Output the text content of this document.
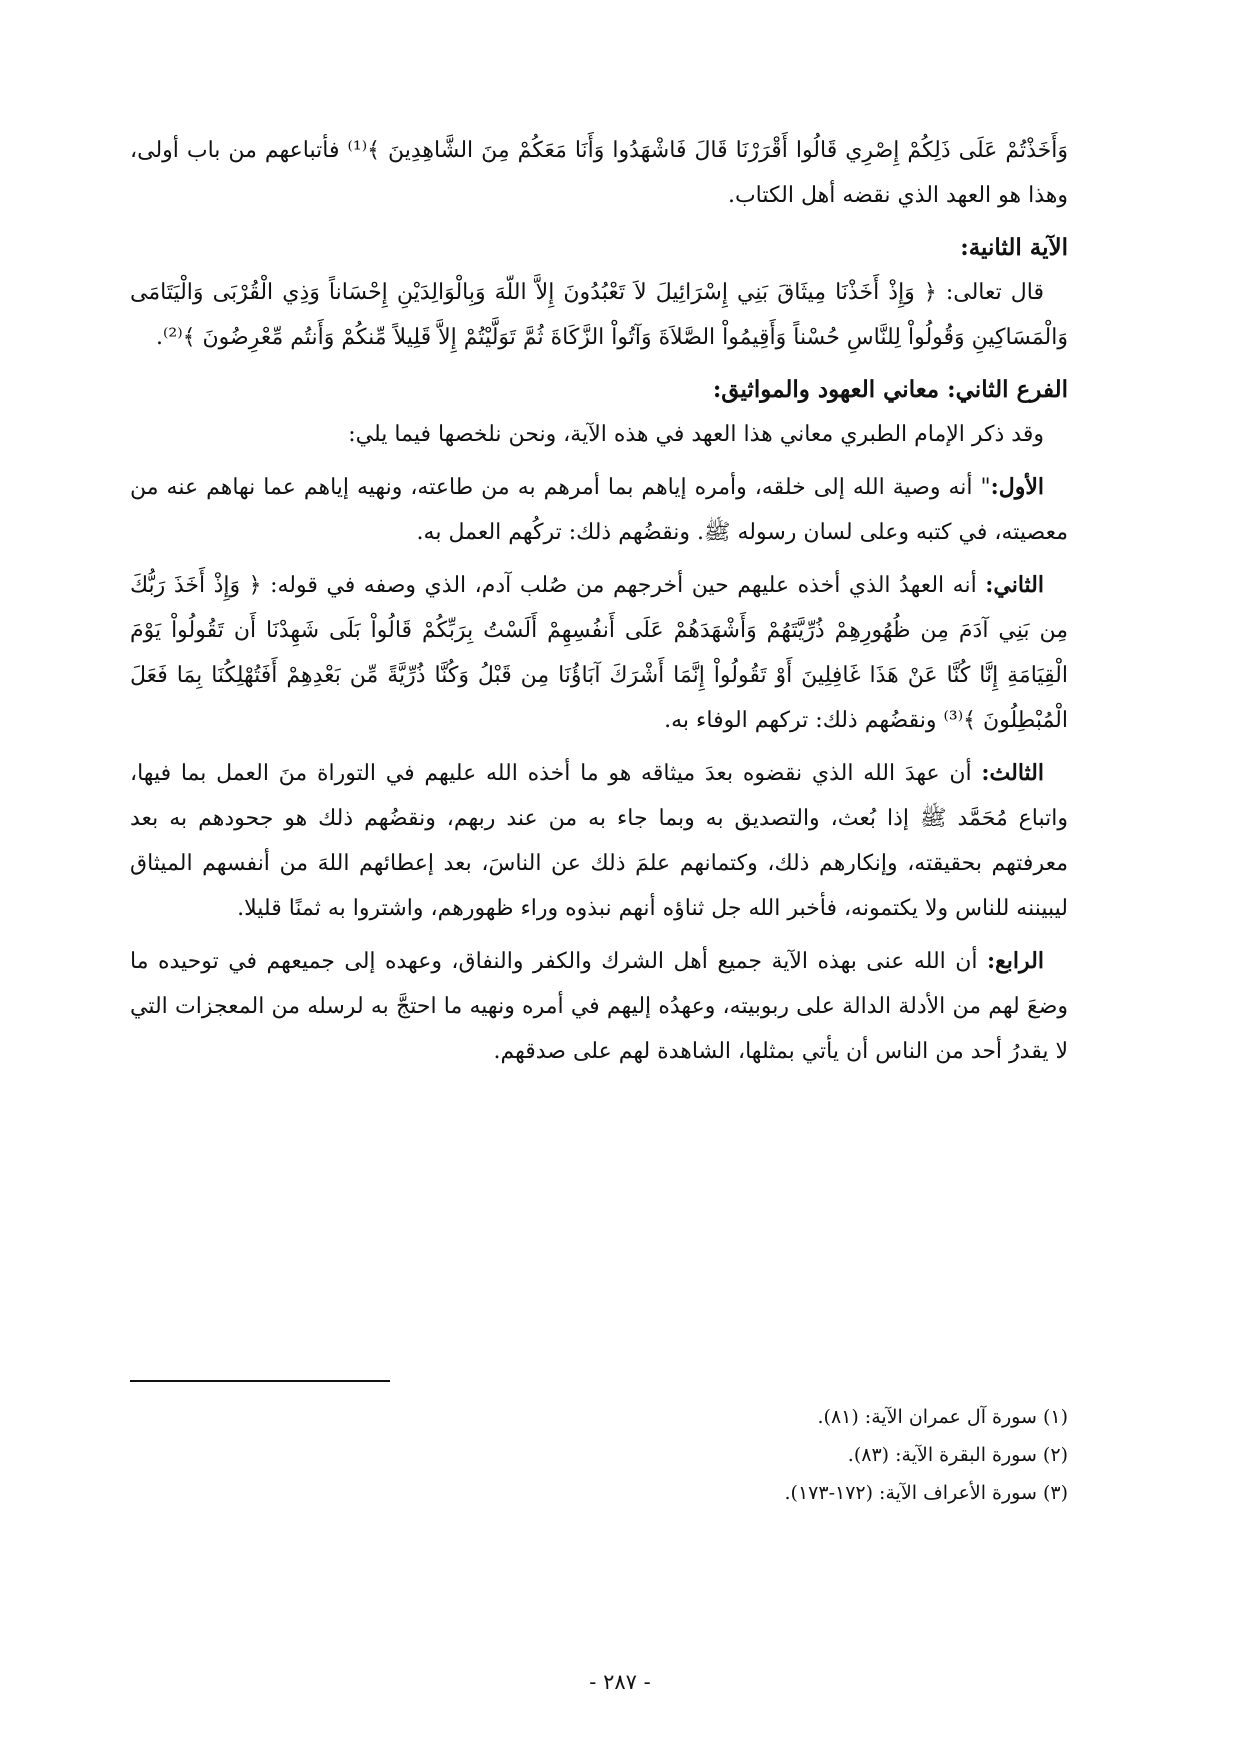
وَأَخَذْتُمْ عَلَى ذَلِكُمْ إِصْرِي قَالُوا أَقْرَرْنَا قَالَ فَاشْهَدُوا وَأَنَا مَعَكُمْ مِنَ الشَّاهِدِينَ ﴾⁽¹⁾ فأتباعهم من باب أولى، وهذا هو العهد الذي نقضه أهل الكتاب.

الآية الثانية:

قال تعالى: ﴿ وَإِذْ أَخَذْنَا مِيثَاقَ بَنِي إِسْرَائِيلَ لاَ تَعْبُدُونَ إِلاَّ اللّهَ وَبِالْوَالِدَيْنِ إِحْسَاناً وَذِي الْقُرْبَى وَالْيَتَامَى وَالْمَسَاكِينِ وَقُولُواْ لِلنَّاسِ حُسْناً وَأَقِيمُواْ الصَّلاَةَ وَآتُواْ الزَّكَاةَ ثُمَّ تَوَلَّيْتُمْ إِلاَّ قَلِيلاً مِّنكُمْ وَأَنتُم مِّعْرِضُونَ ﴾⁽²⁾.

الفرع الثاني: معاني العهود والمواثيق:

وقد ذكر الإمام الطبري معاني هذا العهد في هذه الآية، ونحن نلخصها فيما يلي:

الأول:" أنه وصية الله إلى خلقه، وأمره إياهم بما أمرهم به من طاعته، ونهيه إياهم عما نهاهم عنه من معصيته، في كتبه وعلى لسان رسوله ﷺ. ونقضُهم ذلك: تركُهم العمل به.

الثاني: أنه العهدُ الذي أخذه عليهم حين أخرجهم من صُلب آدم، الذي وصفه في قوله: ﴿ وَإِذْ أَخَذَ رَبُّكَ مِن بَنِي آدَمَ مِن ظُهُورِهِمْ ذُرِّيَّتَهُمْ وَأَشْهَدَهُمْ عَلَى أَنفُسِهِمْ أَلَسْتُ بِرَبِّكُمْ قَالُواْ بَلَى شَهِدْنَا أَن تَقُولُواْ يَوْمَ الْقِيَامَةِ إِنَّا كُنَّا عَنْ هَذَا غَافِلِينَ أَوْ تَقُولُواْ إِنَّمَا أَشْرَكَ آبَاؤُنَا مِن قَبْلُ وَكُنَّا ذُرِّيَّةً مِّن بَعْدِهِمْ أَفَتُهْلِكُنَا بِمَا فَعَلَ الْمُبْطِلُونَ ﴾⁽³⁾ ونقضُهم ذلك: تركهم الوفاء به.

الثالث: أن عهدَ الله الذي نقضوه بعدَ ميثاقه هو ما أخذه الله عليهم في التوراة منَ العمل بما فيها، واتباع مُحَمَّد ﷺ إذا بُعث، والتصديق به وبما جاء به من عند ربهم، ونقضُهم ذلك هو جحودهم به بعد معرفتهم بحقيقته، وإنكارهم ذلك، وكتمانهم علمَ ذلك عن الناسَ، بعد إعطائهم اللهَ من أنفسهم الميثاق ليبيننه للناس ولا يكتمونه، فأخبر الله جل ثناؤه أنهم نبذوه وراء ظهورهم، واشتروا به ثمنًا قليلا.

الرابع: أن الله عنى بهذه الآية جميع أهل الشرك والكفر والنفاق، وعهده إلى جميعهم في توحيده ما وضعَ لهم من الأدلة الدالة على ربوبيته، وعهدُه إليهم في أمره ونهيه ما احتجَّ به لرسله من المعجزات التي لا يقدرُ أحد من الناس أن يأتي بمثلها، الشاهدة لهم على صدقهم.

(١) سورة آل عمران الآية: (٨١).

(٢) سورة البقرة الآية: (٨٣).

(٣) سورة الأعراف الآية: (١٧٢-١٧٣).

- ٢٨٧ -
